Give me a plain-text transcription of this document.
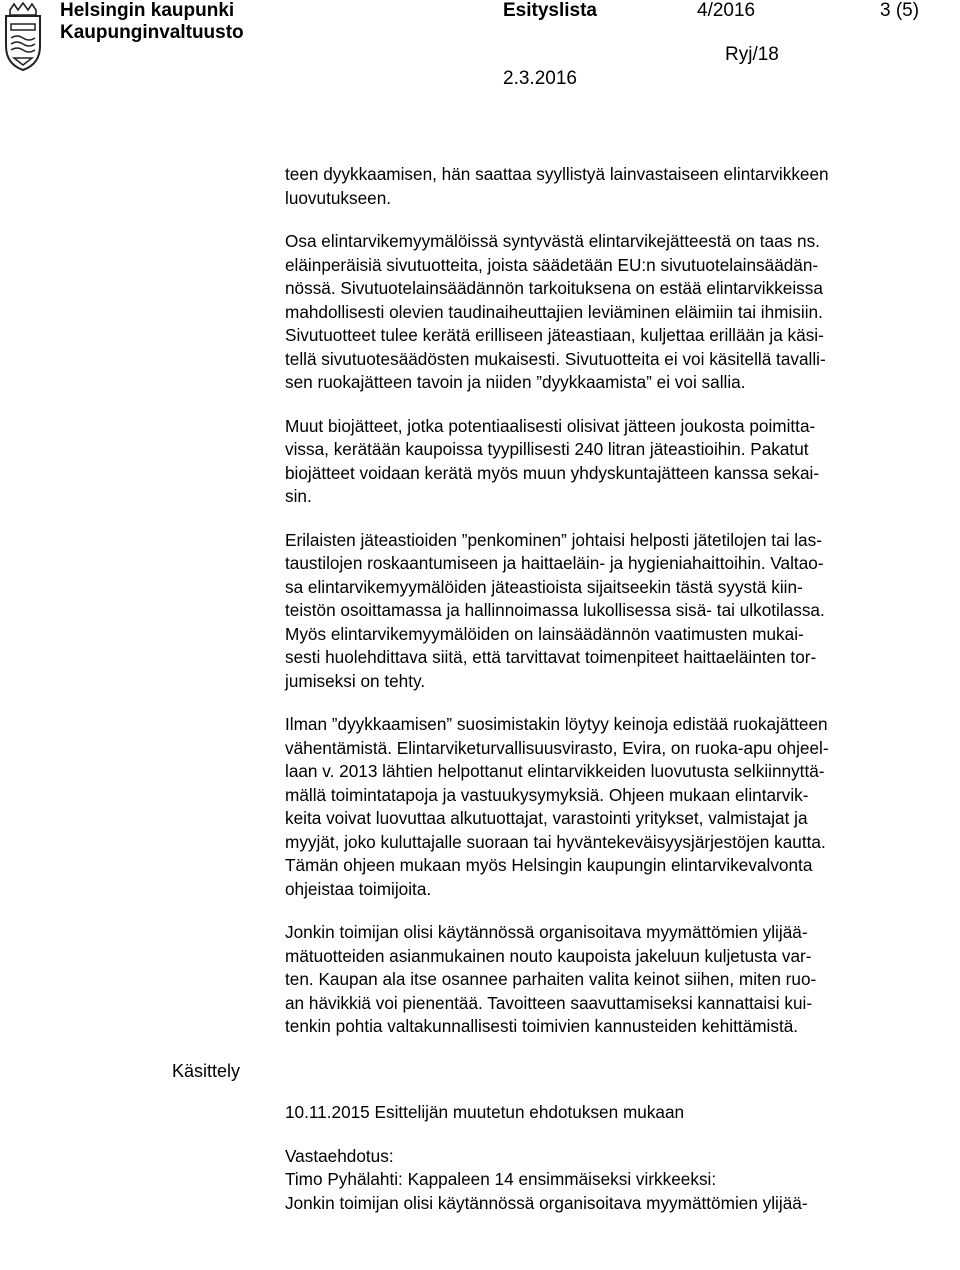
Helsingin kaupunki
Kaupunginvaltuusto
Esityslista	4/2016	3 (5)
Ryj/18
2.3.2016

teen dyykkaamisen, hän saattaa syyllistyä lainvastaiseen elintarvikkeen
luovutukseen.

Osa elintarvikemyymälöissä syntyvästä elintarvikejätteestä on taas ns.
eläinperäisiä sivutuotteita, joista säädetään EU:n sivutuotelainsäädän-
nössä. Sivutuotelainsäädännön tarkoituksena on estää elintarvikkeissa
mahdollisesti olevien taudinaiheuttajien leviäminen eläimiin tai ihmisiin.
Sivutuotteet tulee kerätä erilliseen jäteastiaan, kuljettaa erillään ja käsi-
tellä sivutuotesäädösten mukaisesti. Sivutuotteita ei voi käsitellä tavalli-
sen ruokajätteen tavoin ja niiden ”dyykkaamista” ei voi sallia.

Muut biojätteet, jotka potentiaalisesti olisivat jätteen joukosta poimitta-
vissa, kerätään kaupoissa tyypillisesti 240 litran jäteastioihin. Pakatut
biojätteet voidaan kerätä myös muun yhdyskuntajätteen kanssa sekai-
sin.

Erilaisten jäteastioiden ”penkominen” johtaisi helposti jätetilojen tai las-
taustilojen roskaantumiseen ja haittaeläin- ja hygieniahaittoihin. Valtao-
sa elintarvikemyymälöiden jäteastioista sijaitseekin tästä syystä kiin-
teistön osoittamassa ja hallinnoimassa lukollisessa sisä- tai ulkotilassa.
Myös elintarvikemyymälöiden on lainsäädännön vaatimusten mukai-
sesti huolehdittava siitä, että tarvittavat toimenpiteet haittaeläinten tor-
jumiseksi on tehty.

Ilman ”dyykkaamisen” suosimistakin löytyy keinoja edistää ruokajätteen
vähentämistä. Elintarviketurvallisuusvirasto, Evira, on ruoka-apu ohjeel-
laan v. 2013 lähtien helpottanut elintarvikkeiden luovutusta selkiinnyttä-
mällä toimintatapoja ja vastuukysymyksiä. Ohjeen mukaan elintarvik-
keita voivat luovuttaa alkutuottajat, varastointi yritykset, valmistajat ja
myyjät, joko kuluttajalle suoraan tai hyväntekeväisyysjärjestöjen kautta.
Tämän ohjeen mukaan myös Helsingin kaupungin elintarvikevalvonta
ohjeistaa toimijoita.

Jonkin toimijan olisi käytännössä organisoitava myymättömien ylijää-
mätuotteiden asianmukainen nouto kaupoista jakeluun kuljetusta var-
ten. Kaupan ala itse osannee parhaiten valita keinot siihen, miten ruo-
an hävikkiä voi pienentää. Tavoitteen saavuttamiseksi kannattaisi kui-
tenkin pohtia valtakunnallisesti toimivien kannusteiden kehittämistä.

Käsittely

10.11.2015 Esittelijän muutetun ehdotuksen mukaan

Vastaehdotus:

Timo Pyhälahti: Kappaleen 14 ensimmäiseksi virkkeeksi:

Jonkin toimijan olisi käytännössä organisoitava myymättömien ylijää-
